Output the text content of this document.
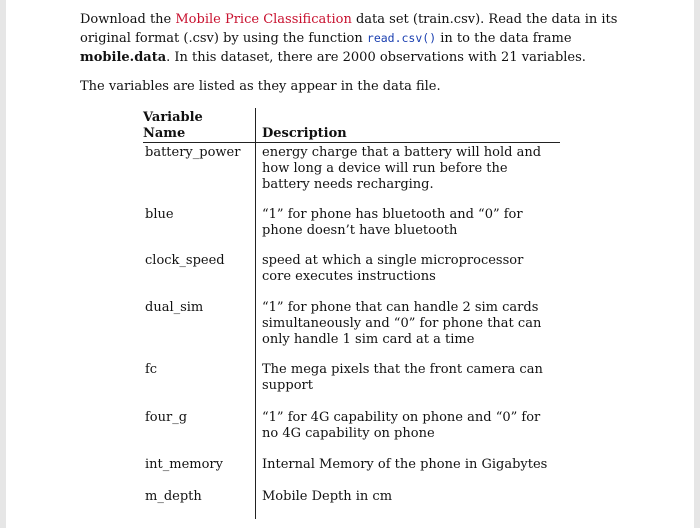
Download the Mobile Price Classification data set (train.csv). Read the data in its original format (.csv) by using the function read.csv() in to the data frame mobile.data. In this dataset, there are 2000 observations with 21 variables.

The variables are listed as they appear in the data file.

Variable Name	Description
battery_power	energy charge that a battery will hold and how long a device will run before the battery needs recharging.
blue	“1” for phone has bluetooth and “0” for phone doesn’t have bluetooth
clock_speed	speed at which a single microprocessor core executes instructions
dual_sim	“1” for phone that can handle 2 sim cards simultaneously and “0” for phone that can only handle 1 sim card at a time
fc	The mega pixels that the front camera can support
four_g	“1” for 4G capability on phone and “0” for no 4G capability on phone
int_memory	Internal Memory of the phone in Gigabytes
m_depth	Mobile Depth in cm
